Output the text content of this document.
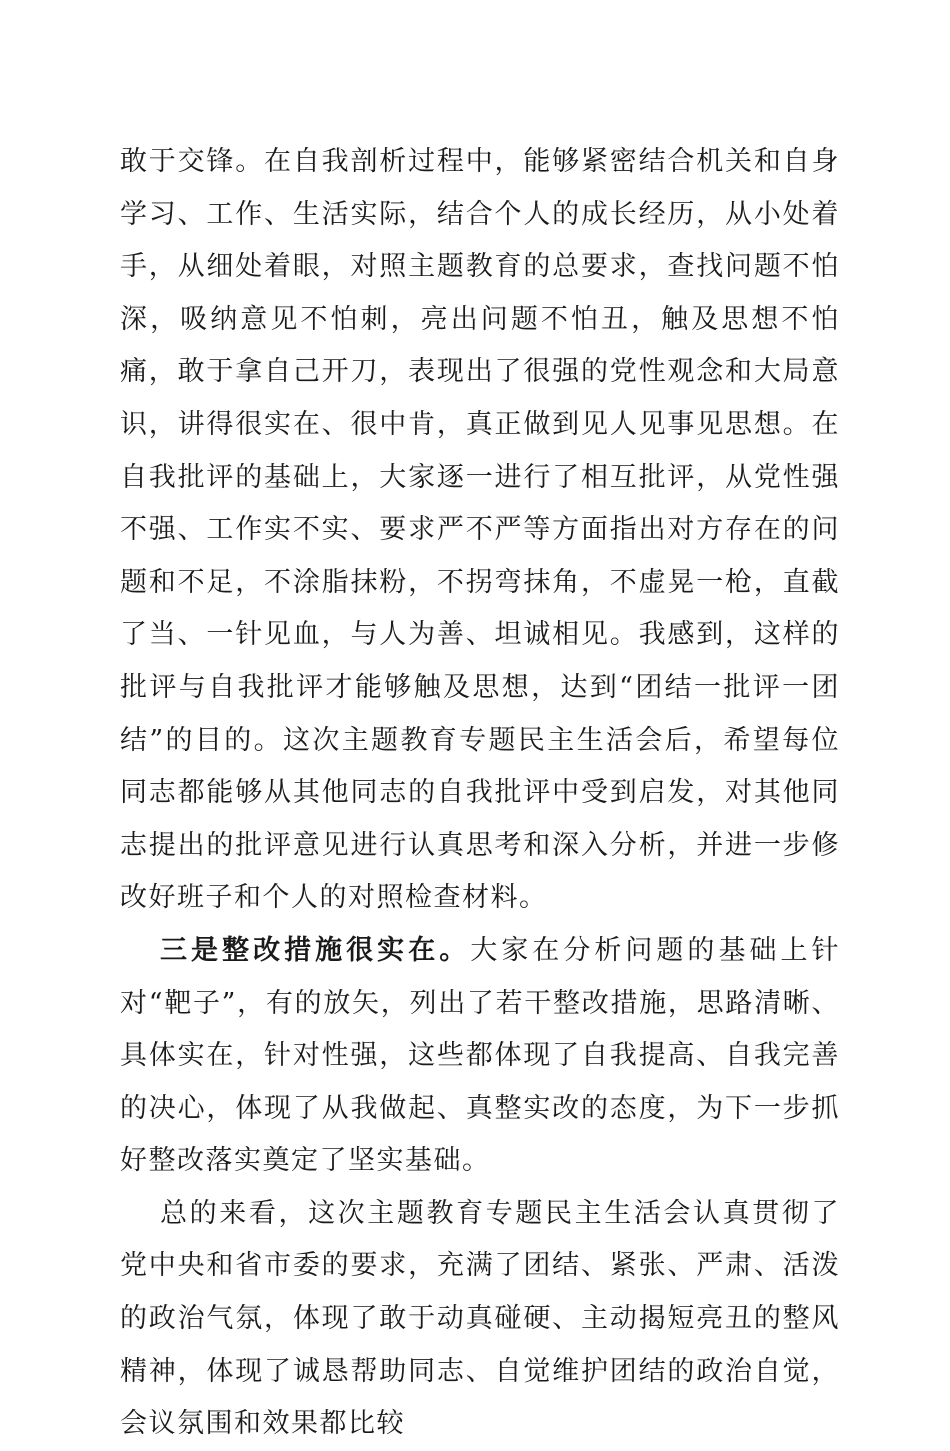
敢于交锋。在自我剖析过程中，能够紧密结合机关和自身学习、工作、生活实际，结合个人的成长经历，从小处着手，从细处着眼，对照主题教育的总要求，查找问题不怕深，吸纳意见不怕刺，亮出问题不怕丑，触及思想不怕痛，敢于拿自己开刀，表现出了很强的党性观念和大局意识，讲得很实在、很中肯，真正做到见人见事见思想。在自我批评的基础上，大家逐一进行了相互批评，从党性强不强、工作实不实、要求严不严等方面指出对方存在的问题和不足，不涂脂抹粉，不拐弯抹角，不虚晃一枪，直截了当、一针见血，与人为善、坦诚相见。我感到，这样的批评与自我批评才能够触及思想，达到“团结一批评一团结”的目的。这次主题教育专题民主生活会后，希望每位同志都能够从其他同志的自我批评中受到启发，对其他同志提出的批评意见进行认真思考和深入分析，并进一步修改好班子和个人的对照检查材料。

三是整改措施很实在。大家在分析问题的基础上针对“靶子”，有的放矢，列出了若干整改措施，思路清晰、具体实在，针对性强，这些都体现了自我提高、自我完善的决心，体现了从我做起、真整实改的态度，为下一步抓好整改落实奠定了坚实基础。

总的来看，这次主题教育专题民主生活会认真贯彻了党中央和省市委的要求，充满了团结、紧张、严肃、活泼的政治气氛，体现了敢于动真碰硬、主动揭短亮丑的整风精神，体现了诚恳帮助同志、自觉维护团结的政治自觉，会议氛围和效果都比较
